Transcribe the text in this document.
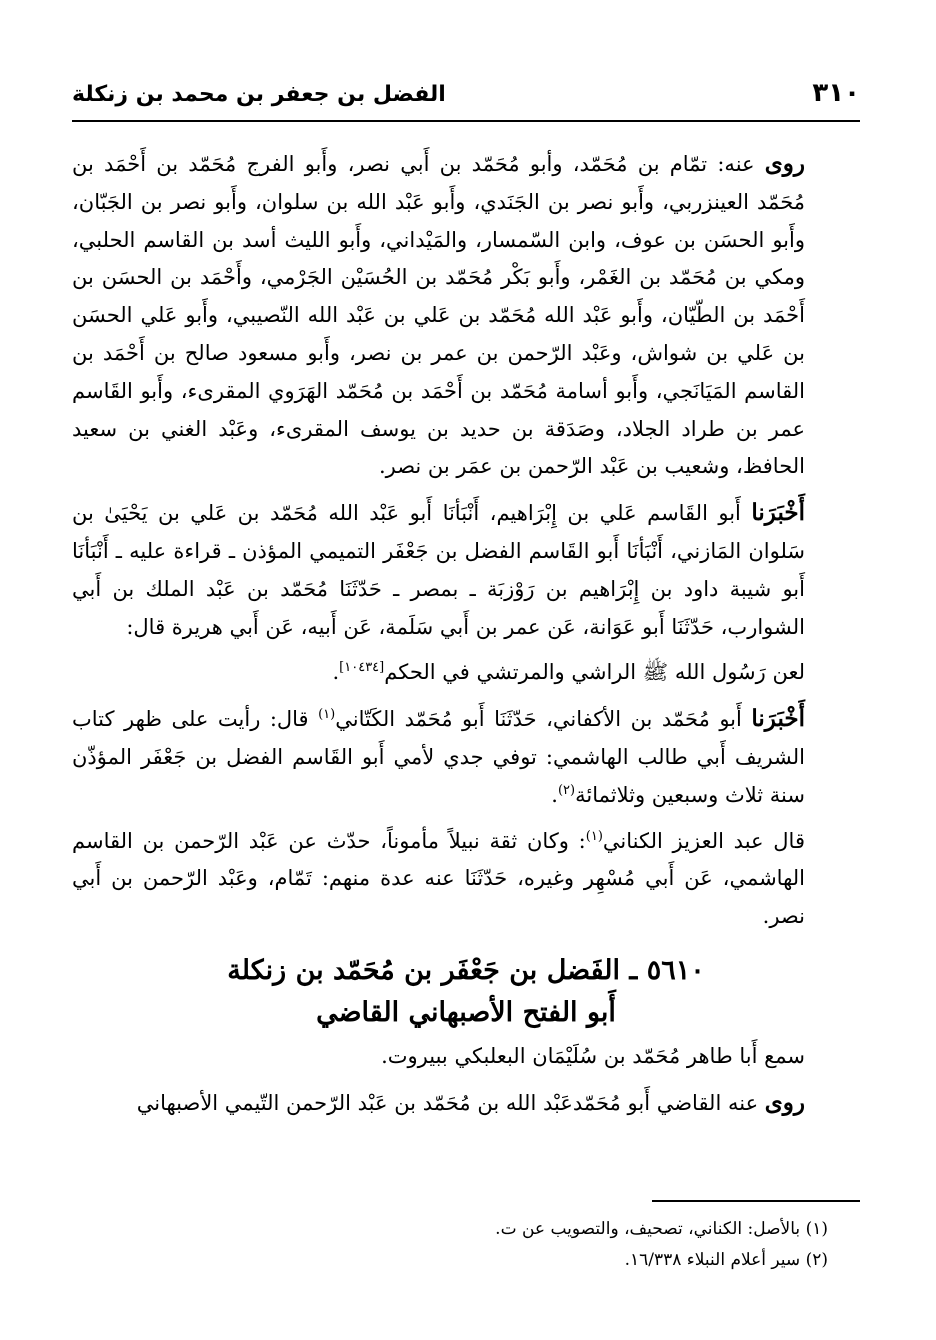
٣١٠
الفضل بن جعفر بن محمد بن زنكلة

روى عنه: تمّام بن مُحَمّد، وأبو مُحَمّد بن أَبي نصر، وأَبو الفرج مُحَمّد بن أَحْمَد بن مُحَمّد العينزربي، وأَبو نصر بن الجَنَدي، وأَبو عَبْد الله بن سلوان، وأَبو نصر بن الجَبّان، وأَبو الحسَن بن عوف، وابن السّمسار، والمَيْداني، وأَبو الليث أسد بن القاسم الحلبي، ومكي بن مُحَمّد بن الغَمْر، وأَبو بَكْر مُحَمّد بن الحُسَيْن الجَرْمي، وأَحْمَد بن الحسَن بن أَحْمَد بن الطّيّان، وأَبو عَبْد الله مُحَمّد بن عَلي بن عَبْد الله النّصيبي، وأَبو عَلي الحسَن بن عَلي بن شواش، وعَبْد الرّحمن بن عمر بن نصر، وأَبو مسعود صالح بن أَحْمَد بن القاسم المَيَانَجي، وأَبو أسامة مُحَمّد بن أَحْمَد بن مُحَمّد الهَرَوي المقرىء، وأَبو القَاسم عمر بن طراد الجلاد، وصَدَقة بن حديد بن يوسف المقرىء، وعَبْد الغني بن سعيد الحافظ، وشعيب بن عَبْد الرّحمن بن عمَر بن نصر.

أَخْبَرَنا أَبو القَاسم عَلي بن إِبْرَاهيم، أَنْبَأنَا أَبو عَبْد الله مُحَمّد بن عَلي بن يَحْيَىٰ بن سَلوان المَازني، أَنْبَأنَا أَبو القَاسم الفضل بن جَعْفَر التميمي المؤذن ـ قراءة عليه ـ أَنْبَأنَا أَبو شيبة داود بن إِبْرَاهيم بن رَوْزبَة ـ بمصر ـ حَدّثَنَا مُحَمّد بن عَبْد الملك بن أَبي الشوارب، حَدّثَنَا أَبو عَوَانة، عَن عمر بن أَبي سَلَمة، عَن أَبيه، عَن أَبي هريرة قال:

لعن رَسُول الله ﷺ الراشي والمرتشي في الحكم[١٠٤٣٤].

أَخْبَرَنا أَبو مُحَمّد بن الأكفاني، حَدّثَنَا أَبو مُحَمّد الكَتّاني$^{(١)}$ قال: رأيت على ظهر كتاب الشريف أَبي طالب الهاشمي: توفي جدي لأمي أَبو القَاسم الفضل بن جَعْفَر المؤذّن سنة ثلاث وسبعين وثلاثمائة$^{(٢)}$.

قال عبد العزيز الكناني$^{(١)}$: وكان ثقة نبيلاً مأموناً، حدّث عن عَبْد الرّحمن بن القاسم الهاشمي، عَن أَبي مُسْهِر وغيره، حَدّثَنَا عنه عدة منهم: تَمّام، وعَبْد الرّحمن بن أَبي نصر.

٥٦١٠ ـ الفَضل بن جَعْفَر بن مُحَمّد بن زنكلة
أَبو الفتح الأصبهاني القاضي

سمع أَبا طاهر مُحَمّد بن سُلَيْمَان البعلبكي ببيروت.

روى عنه القاضي أَبو مُحَمّدعَبْد الله بن مُحَمّد بن عَبْد الرّحمن التّيمي الأصبهاني

(١) بالأصل: الكناني، تصحيف، والتصويب عن ت.
(٢) سير أعلام النبلاء ١٦/٣٣٨.
